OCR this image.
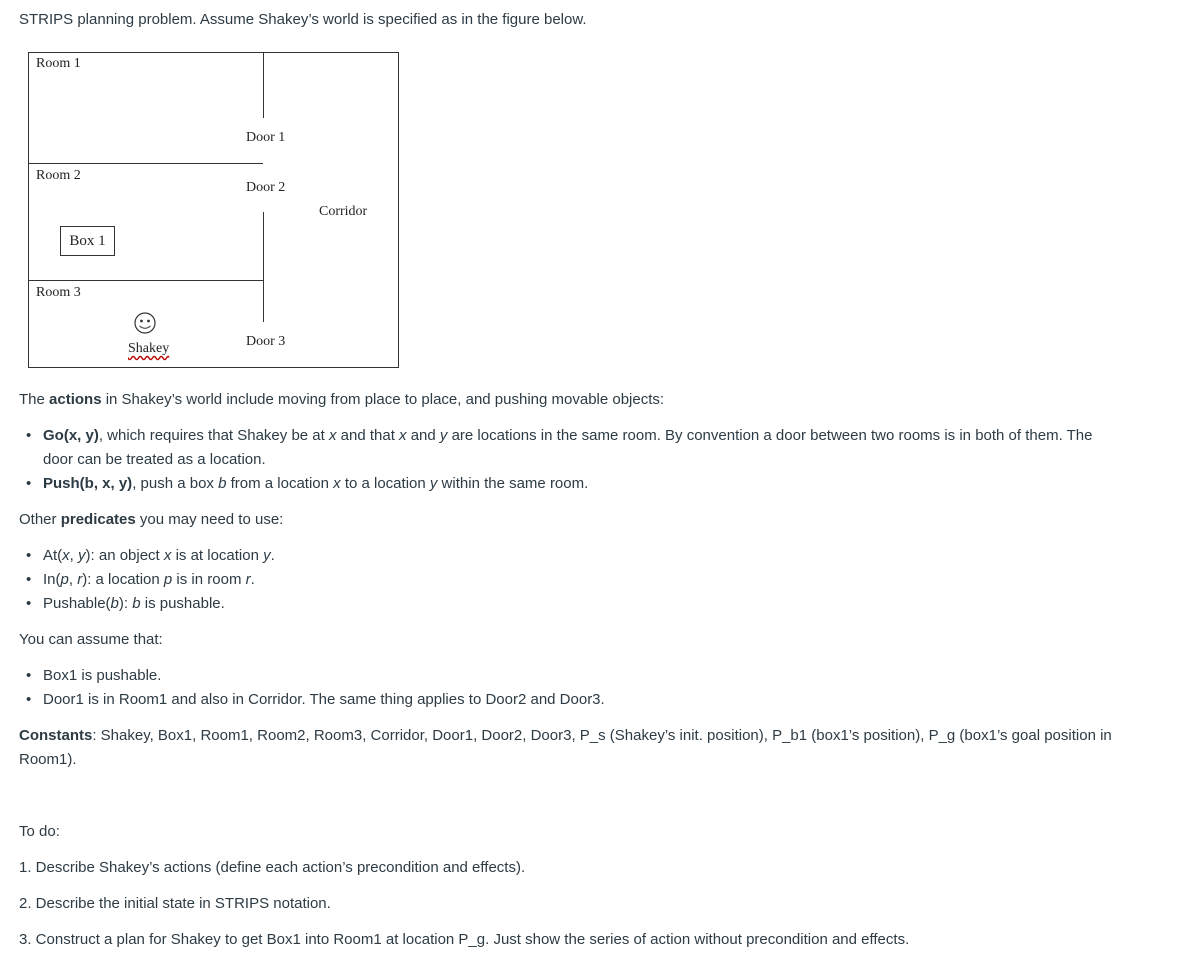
STRIPS planning problem. Assume Shakey’s world is specified as in the figure below.

Room 1
Door 1
Room 2
Door 2
Corridor
Box 1
Room 3
Door 3
Shakey

The actions in Shakey’s world include moving from place to place, and pushing movable objects:

• Go(x, y), which requires that Shakey be at x and that x and y are locations in the same room. By convention a door between two rooms is in both of them. The
door can be treated as a location.
• Push(b, x, y), push a box b from a location x to a location y within the same room.

Other predicates you may need to use:

• At(x, y): an object x is at location y.
• In(p, r): a location p is in room r.
• Pushable(b): b is pushable.

You can assume that:

• Box1 is pushable.
• Door1 is in Room1 and also in Corridor. The same thing applies to Door2 and Door3.

Constants: Shakey, Box1, Room1, Room2, Room3, Corridor, Door1, Door2, Door3, P_s (Shakey’s init. position), P_b1 (box1’s position), P_g (box1’s goal position in
Room1).

To do:

1. Describe Shakey’s actions (define each action’s precondition and effects).

2. Describe the initial state in STRIPS notation.

3. Construct a plan for Shakey to get Box1 into Room1 at location P_g. Just show the series of action without precondition and effects.
